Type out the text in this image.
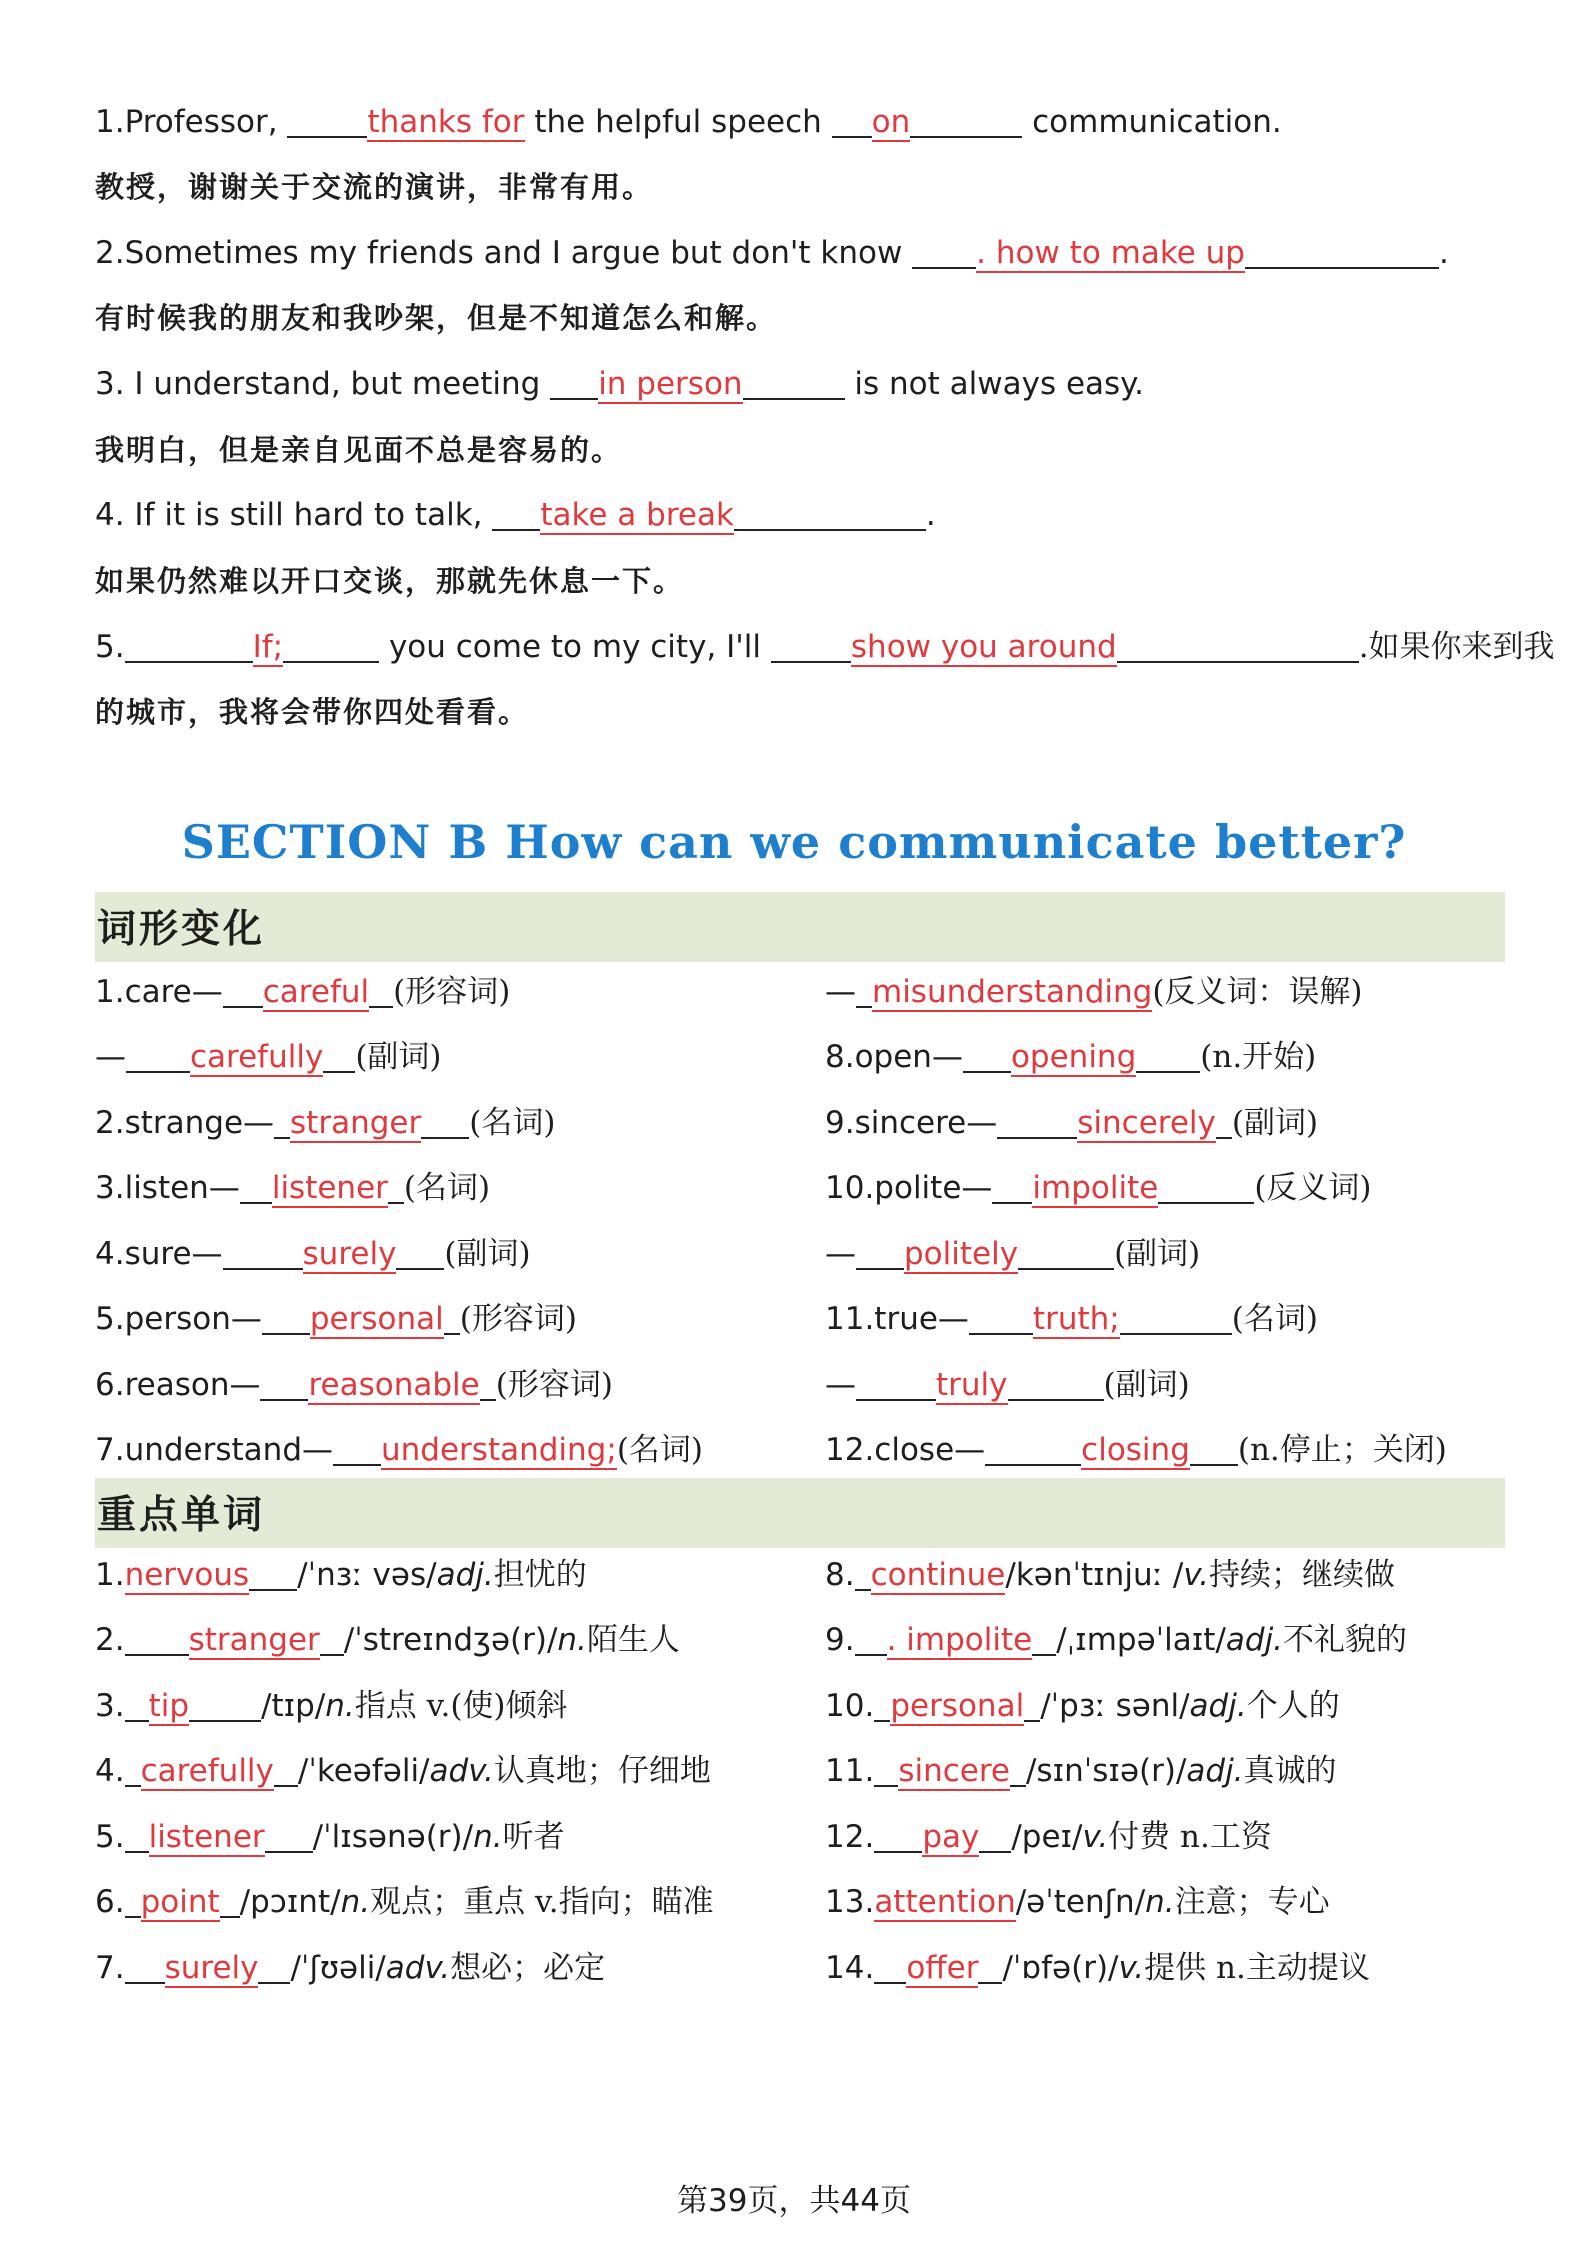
1.Professor,	thanks for the helpful speech on	communication.
教授，谢谢关于交流的演讲，非常有用。
2.Sometimes my friends and I argue but don't know . how to make up	.
有时候我的朋友和我吵架，但是不知道怎么和解。
3. I understand, but meeting in person	is not always easy.
我明白，但是亲自见面不总是容易的。
4. If it is still hard to talk, take a break	.
如果仍然难以开口交谈，那就先休息一下。
5.	If;	you come to my city, I'll	show you around	.如果你来到我
的城市，我将会带你四处看看。
SECTION B How can we communicate better?
词形变化
1.care— careful (形容词)
— carefully (副词)
2.strange— stranger (名词)
3.listen— listener (名词)
4.sure—	surely (副词)
5.person— personal (形容词)
6.reason— reasonable (形容词)
7.understand— understanding;(名词)
— misunderstanding(反义词：误解)
8.open— opening (n.开始)
9.sincere—	sincerely (副词)
10.polite— impolite	(反义词)
— politely	(副词)
11.true— truth;	(名词)
—	truly	(副词)
12.close—	closing (n.停止；关闭)
重点单词
1.nervous /ˈnɜː vəs/adj.担忧的
2. stranger /ˈstreɪndʒə(r)/n.陌生人
3. tip /tɪp/n.指点 v.(使)倾斜
4. carefully /ˈkeəfəli/adv.认真地；仔细地
5. listener /ˈlɪsənə(r)/n.听者
6. point /pɔɪnt/n.观点；重点 v.指向；瞄准
7. surely /ˈʃʊəli/adv.想必；必定
8. continue/kənˈtɪnjuː /v.持续；继续做
9. . impolite /ˌɪmpəˈlaɪt/adj.不礼貌的
10. personal /ˈpɜː sənl/adj.个人的
11. sincere /sɪnˈsɪə(r)/adj.真诚的
12. pay /peɪ/v.付费 n.工资
13.attention/əˈtenʃn/n.注意；专心
14. offer /ˈɒfə(r)/v.提供 n.主动提议
第39页，共44页
